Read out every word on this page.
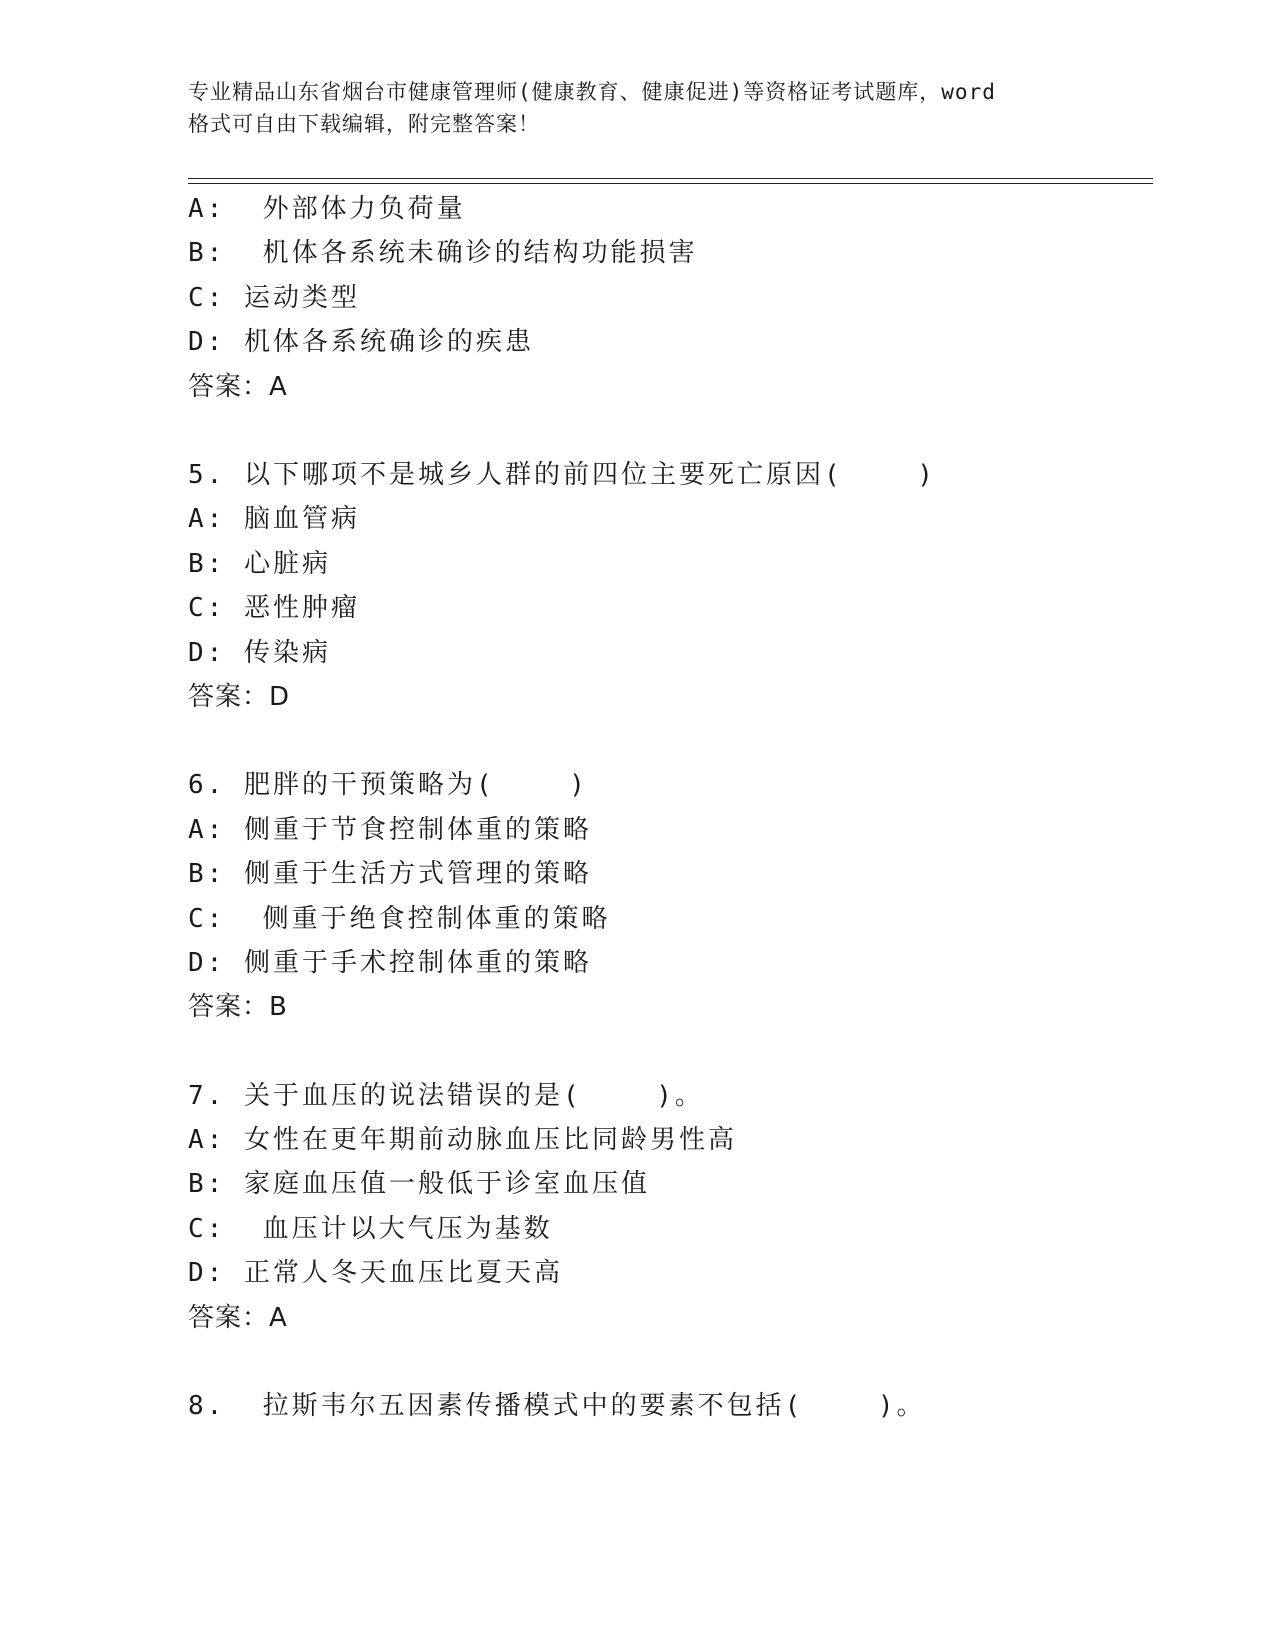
专业精品山东省烟台市健康管理师(健康教育、健康促进)等资格证考试题库，word
格式可自由下载编辑，附完整答案！
A:  外部体力负荷量
B:  机体各系统未确诊的结构功能损害
C: 运动类型
D: 机体各系统确诊的疾患
答案：A
5. 以下哪项不是城乡人群的前四位主要死亡原因(    )
A: 脑血管病
B: 心脏病
C: 恶性肿瘤
D: 传染病
答案：D
6. 肥胖的干预策略为(    )
A: 侧重于节食控制体重的策略
B: 侧重于生活方式管理的策略
C:  侧重于绝食控制体重的策略
D: 侧重于手术控制体重的策略
答案：B
7. 关于血压的说法错误的是(    )。
A: 女性在更年期前动脉血压比同龄男性高
B: 家庭血压值一般低于诊室血压值
C:  血压计以大气压为基数
D: 正常人冬天血压比夏天高
答案：A
8.  拉斯韦尔五因素传播模式中的要素不包括(    )。
